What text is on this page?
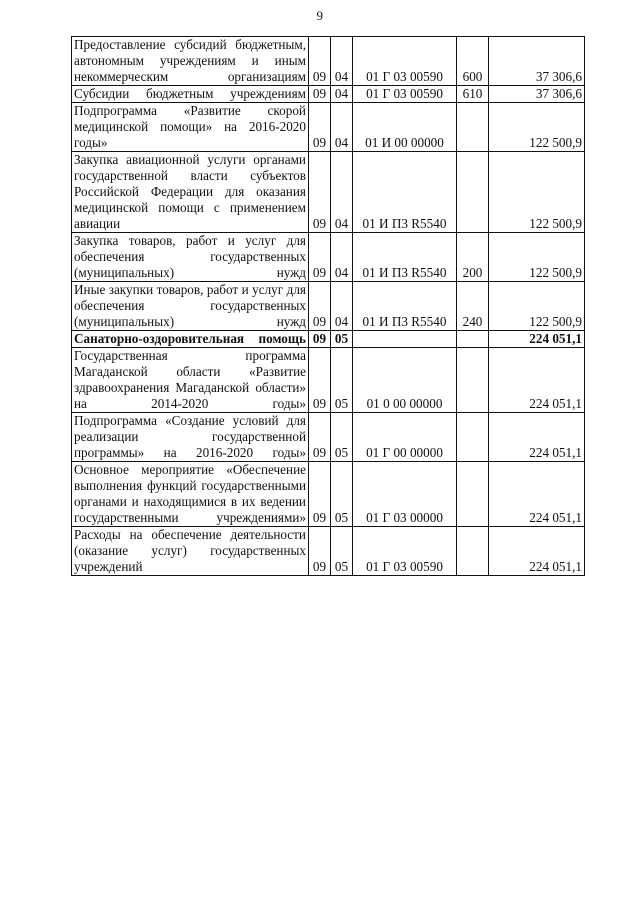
9
Предоставление субсидий бюджетным, автономным учреждениям и иным некоммерческим организациям	09	04	01 Г 03 00590	600	37 306,6
Субсидии бюджетным учреждениям	09	04	01 Г 03 00590	610	37 306,6
Подпрограмма «Развитие скорой медицинской помощи» на 2016-2020 годы»	09	04	01 И 00 00000		122 500,9
Закупка авиационной услуги органами государственной власти субъектов Российской Федерации для оказания медицинской помощи с применением авиации	09	04	01 И П3 R5540		122 500,9
Закупка товаров, работ и услуг для обеспечения государственных (муниципальных) нужд	09	04	01 И П3 R5540	200	122 500,9
Иные закупки товаров, работ и услуг для обеспечения государственных (муниципальных) нужд	09	04	01 И П3 R5540	240	122 500,9
Санаторно-оздоровительная помощь	09	05			224 051,1
Государственная программа Магаданской области «Развитие здравоохранения Магаданской области» на 2014-2020 годы»	09	05	01 0 00 00000		224 051,1
Подпрограмма «Создание условий для реализации государственной программы» на 2016-2020 годы»	09	05	01 Г 00 00000		224 051,1
Основное мероприятие «Обеспечение выполнения функций государственными органами и находящимися в их ведении государственными учреждениями»	09	05	01 Г 03 00000		224 051,1
Расходы на обеспечение деятельности (оказание услуг) государственных учреждений	09	05	01 Г 03 00590		224 051,1
